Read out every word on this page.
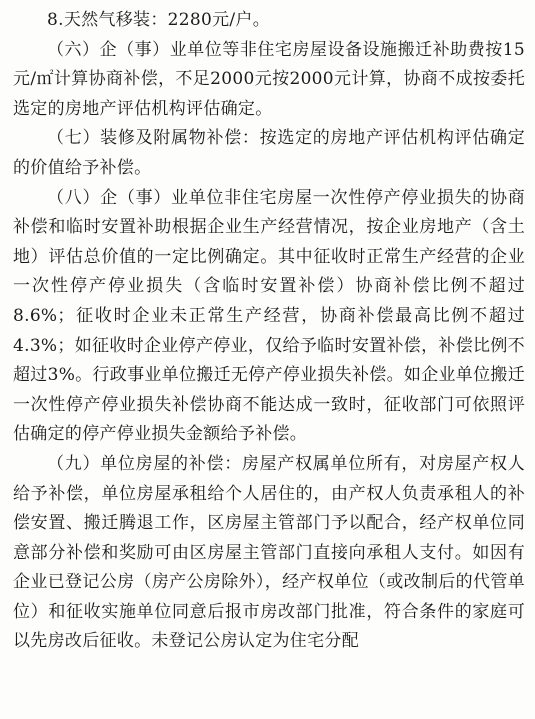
8.天然气移装：2280元/户。

（六）企（事）业单位等非住宅房屋设备设施搬迁补助费按15元/㎡计算协商补偿，不足2000元按2000元计算，协商不成按委托选定的房地产评估机构评估确定。

（七）装修及附属物补偿：按选定的房地产评估机构评估确定的价值给予补偿。

（八）企（事）业单位非住宅房屋一次性停产停业损失的协商补偿和临时安置补助根据企业生产经营情况，按企业房地产（含土地）评估总价值的一定比例确定。其中征收时正常生产经营的企业一次性停产停业损失（含临时安置补偿）协商补偿比例不超过8.6%；征收时企业未正常生产经营，协商补偿最高比例不超过4.3%；如征收时企业停产停业，仅给予临时安置补偿，补偿比例不超过3%。行政事业单位搬迁无停产停业损失补偿。如企业单位搬迁一次性停产停业损失补偿协商不能达成一致时，征收部门可依照评估确定的停产停业损失金额给予补偿。

（九）单位房屋的补偿：房屋产权属单位所有，对房屋产权人给予补偿，单位房屋承租给个人居住的，由产权人负责承租人的补偿安置、搬迁腾退工作，区房屋主管部门予以配合，经产权单位同意部分补偿和奖励可由区房屋主管部门直接向承租人支付。如因有企业已登记公房（房产公房除外），经产权单位（或改制后的代管单位）和征收实施单位同意后报市房改部门批准，符合条件的家庭可以先房改后征收。未登记公房认定为住宅分配
